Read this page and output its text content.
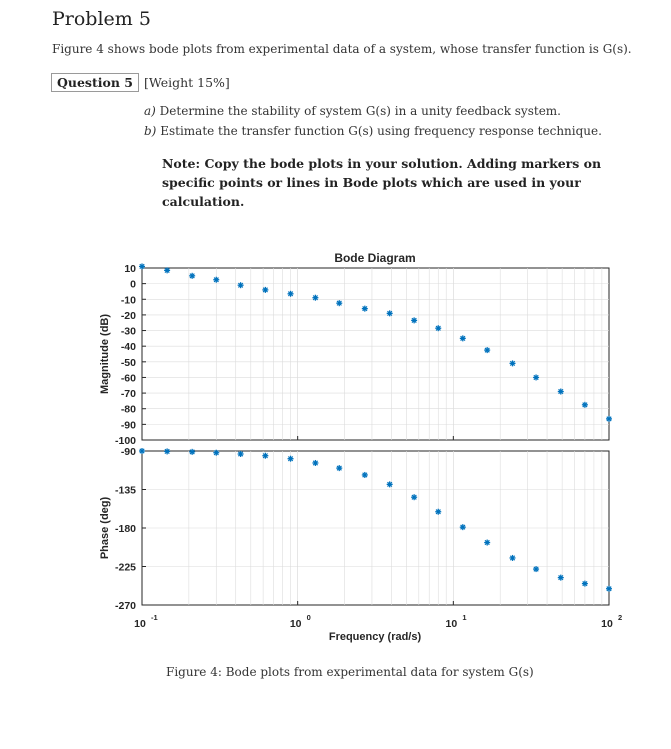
Problem 5
Figure 4 shows bode plots from experimental data of a system, whose transfer function is G(s).
Question 5 [Weight 15%]
a) Determine the stability of system G(s) in a unity feedback system.
b) Estimate the transfer function G(s) using frequency response technique.
Note: Copy the bode plots in your solution. Adding markers on specific points or lines in Bode plots which are used in your calculation.
10
0
-10
-20
-30
-40
-50
-60
-70
-80
-90
-100
-90
-135
-180
-225
-270
10
-1
10
0
10
1
10
2
Bode Diagram
Magnitude (dB)
Phase (deg)
Frequency (rad/s)
Figure 4: Bode plots from experimental data for system G(s)
